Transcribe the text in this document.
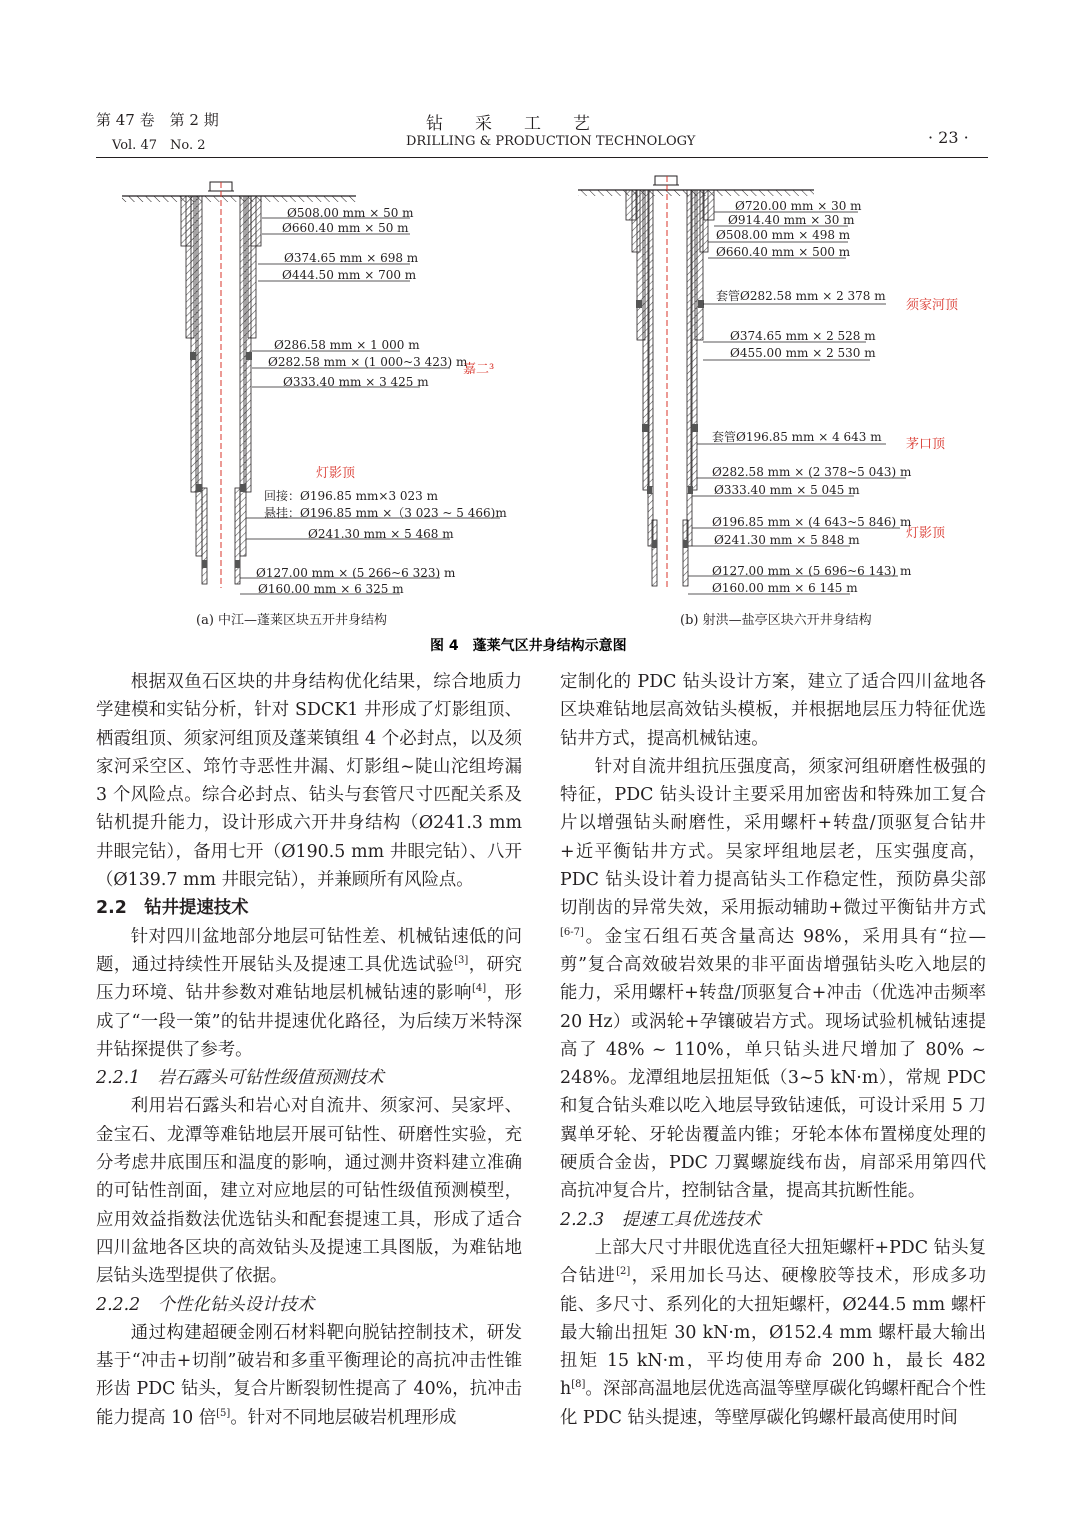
第 47 卷　第 2 期
Vol. 47　No. 2
钻采工艺
DRILLING & PRODUCTION TECHNOLOGY	· 23 ·
Ø508.00 mm × 50 m
Ø660.40 mm × 50 m
Ø374.65 mm × 698 m
Ø444.50 mm × 700 m
Ø286.58 mm × 1 000 m
Ø282.58 mm × (1 000~3 423) m
Ø333.40 mm × 3 425 m
嘉二³
灯影顶
回接：Ø196.85 mm×3 023 m
悬挂：Ø196.85 mm ×（3 023 ~ 5 466)m
Ø241.30 mm × 5 468 m
Ø127.00 mm × (5 266~6 323) m
Ø160.00 mm × 6 325 m
Ø720.00 mm × 30 m
Ø914.40 mm × 30 m
Ø508.00 mm × 498 m
Ø660.40 mm × 500 m
套管Ø282.58 mm × 2 378 m
须家河顶
Ø374.65 mm × 2 528 m
Ø455.00 mm × 2 530 m
套管Ø196.85 mm × 4 643 m 茅口顶
Ø282.58 mm × (2 378~5 043) m
Ø333.40 mm × 5 045 m
Ø196.85 mm × (4 643~5 846) m
灯影顶
Ø241.30 mm × 5 848 m
Ø127.00 mm × (5 696~6 143) m
Ø160.00 mm × 6 145 m
(a) 中江—蓬莱区块五开井身结构	(b) 射洪—盐亭区块六开井身结构
图 4　蓬莱气区井身结构示意图

根据双鱼石区块的井身结构优化结果，综合地质力学建模和实钻分析，针对 SDCK1 井形成了灯影组顶、栖霞组顶、须家河组顶及蓬莱镇组 4 个必封点，以及须家河采空区、筇竹寺恶性井漏、灯影组~陡山沱组垮漏 3 个风险点。综合必封点、钻头与套管尺寸匹配关系及钻机提升能力，设计形成六开井身结构（Ø241.3 mm 井眼完钻），备用七开（Ø190.5 mm 井眼完钻）、八开（Ø139.7 mm 井眼完钻），并兼顾所有风险点。

2.2　钻井提速技术

针对四川盆地部分地层可钻性差、机械钻速低的问题，通过持续性开展钻头及提速工具优选试验[3]，研究压力环境、钻井参数对难钻地层机械钻速的影响[4]，形成了“一段一策”的钻井提速优化路径，为后续万米特深井钻探提供了参考。

2.2.1　岩石露头可钻性级值预测技术

利用岩石露头和岩心对自流井、须家河、吴家坪、金宝石、龙潭等难钻地层开展可钻性、研磨性实验，充分考虑井底围压和温度的影响，通过测井资料建立准确的可钻性剖面，建立对应地层的可钻性级值预测模型，应用效益指数法优选钻头和配套提速工具，形成了适合四川盆地各区块的高效钻头及提速工具图版，为难钻地层钻头选型提供了依据。

2.2.2　个性化钻头设计技术

通过构建超硬金刚石材料靶向脱钴控制技术，研发基于“冲击+切削”破岩和多重平衡理论的高抗冲击性锥形齿 PDC 钻头，复合片断裂韧性提高了 40%，抗冲击能力提高 10 倍[5]。针对不同地层破岩机理形成

定制化的 PDC 钻头设计方案，建立了适合四川盆地各区块难钻地层高效钻头模板，并根据地层压力特征优选钻井方式，提高机械钻速。

针对自流井组抗压强度高，须家河组研磨性极强的特征，PDC 钻头设计主要采用加密齿和特殊加工复合片以增强钻头耐磨性，采用螺杆+转盘/顶驱复合钻井+近平衡钻井方式。吴家坪组地层老，压实强度高，PDC 钻头设计着力提高钻头工作稳定性，预防鼻尖部切削齿的异常失效，采用振动辅助+微过平衡钻井方式[6-7]。金宝石组石英含量高达 98%，采用具有“拉—剪”复合高效破岩效果的非平面齿增强钻头吃入地层的能力，采用螺杆+转盘/顶驱复合+冲击（优选冲击频率 20 Hz）或涡轮+孕镶破岩方式。现场试验机械钻速提高了 48% ~ 110%，单只钻头进尺增加了 80% ~ 248%。龙潭组地层扭矩低（3~5 kN·m），常规 PDC 和复合钻头难以吃入地层导致钻速低，可设计采用 5 刀翼单牙轮、牙轮齿覆盖内锥；牙轮本体布置梯度处理的硬质合金齿，PDC 刀翼螺旋线布齿，肩部采用第四代高抗冲复合片，控制钴含量，提高其抗断性能。

2.2.3　提速工具优选技术

上部大尺寸井眼优选直径大扭矩螺杆+PDC 钻头复合钻进[2]，采用加长马达、硬橡胶等技术，形成多功能、多尺寸、系列化的大扭矩螺杆，Ø244.5 mm 螺杆最大输出扭矩 30 kN·m，Ø152.4 mm 螺杆最大输出扭矩 15 kN·m，平均使用寿命 200 h，最长 482 h[8]。深部高温地层优选高温等壁厚碳化钨螺杆配合个性化 PDC 钻头提速，等壁厚碳化钨螺杆最高使用时间
